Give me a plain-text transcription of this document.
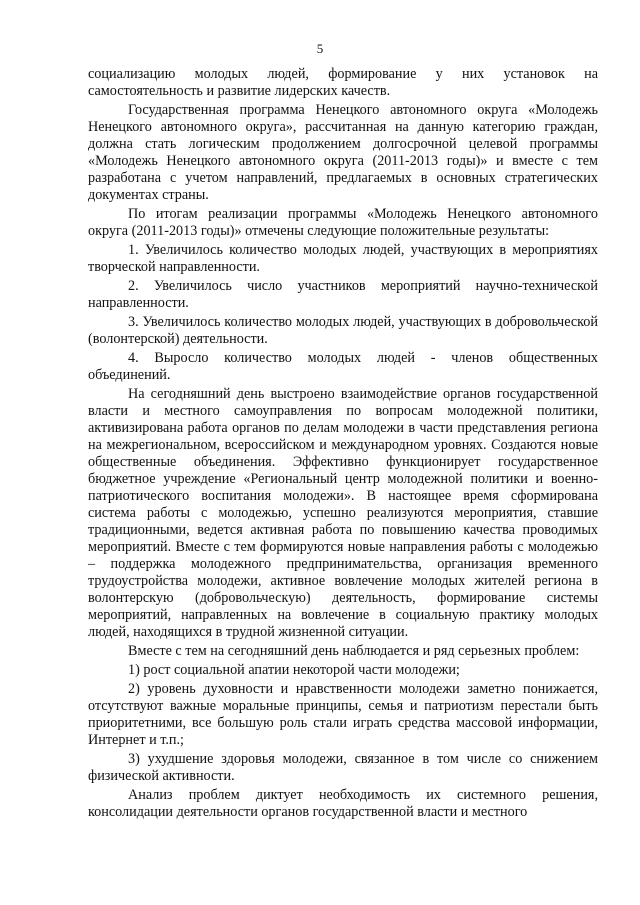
5

социализацию молодых людей, формирование у них установок на самостоятельность и развитие лидерских качеств.

Государственная программа Ненецкого автономного округа «Молодежь Ненецкого автономного округа», рассчитанная на данную категорию граждан, должна стать логическим продолжением долгосрочной целевой программы «Молодежь Ненецкого автономного округа (2011-2013 годы)» и вместе с тем разработана с учетом направлений, предлагаемых в основных стратегических документах страны.

По итогам реализации программы «Молодежь Ненецкого автономного округа (2011-2013 годы)» отмечены следующие положительные результаты:

1. Увеличилось количество молодых людей, участвующих в мероприятиях творческой направленности.

2. Увеличилось число участников мероприятий научно-технической направленности.

3. Увеличилось количество молодых людей, участвующих в добровольческой (волонтерской) деятельности.

4. Выросло количество молодых людей - членов общественных объединений.

На сегодняшний день выстроено взаимодействие органов государственной власти и местного самоуправления по вопросам молодежной политики, активизирована работа органов по делам молодежи в части представления региона на межрегиональном, всероссийском и международном уровнях. Создаются новые общественные объединения. Эффективно функционирует государственное бюджетное учреждение «Региональный центр молодежной политики и военно-патриотического воспитания молодежи». В настоящее время сформирована система работы с молодежью, успешно реализуются мероприятия, ставшие традиционными, ведется активная работа по повышению качества проводимых мероприятий. Вместе с тем формируются новые направления работы с молодежью – поддержка молодежного предпринимательства, организация временного трудоустройства молодежи, активное вовлечение молодых жителей региона в волонтерскую (добровольческую) деятельность, формирование системы мероприятий, направленных на вовлечение в социальную практику молодых людей, находящихся в трудной жизненной ситуации.

Вместе с тем на сегодняшний день наблюдается и ряд серьезных проблем:

1) рост социальной апатии некоторой части молодежи;

2) уровень духовности и нравственности молодежи заметно понижается, отсутствуют важные моральные принципы, семья и патриотизм перестали быть приоритетними, все большую роль стали играть средства массовой информации, Интернет и т.п.;

3) ухудшение здоровья молодежи, связанное в том числе со снижением физической активности.

Анализ проблем диктует необходимость их системного решения, консолидации деятельности органов государственной власти и местного
